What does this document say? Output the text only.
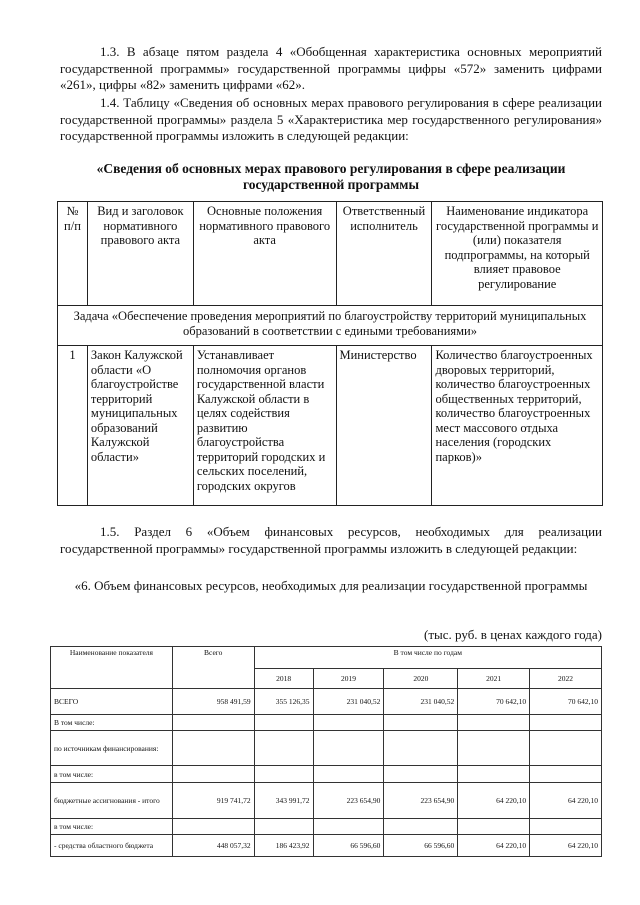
1.3. В абзаце пятом раздела 4 «Обобщенная характеристика основных мероприятий государственной программы» государственной программы цифры «572» заменить цифрами «261», цифры «82» заменить цифрами «62».

1.4. Таблицу «Сведения об основных мерах правового регулирования в сфере реализации государственной программы» раздела 5 «Характеристика мер государственного регулирования» государственной программы изложить в следующей редакции:

«Сведения об основных мерах правового регулирования в сфере реализации государственной программы

№ п/п	Вид и заголовок нормативного правового акта	Основные положения нормативного правового акта	Ответственный исполнитель	Наименование индикатора государственной программы и (или) показателя подпрограммы, на который влияет правовое регулирование
Задача «Обеспечение проведения мероприятий по благоустройству территорий муниципальных образований в соответствии с едиными требованиями»				
1	Закон Калужской области «О благоустройстве территорий муниципальных образований Калужской области»	Устанавливает полномочия органов государственной власти Калужской области в целях содействия развитию благоустройства территорий городских и сельских поселений, городских округов	Министерство	Количество благоустроенных дворовых территорий, количество благоустроенных общественных территорий, количество благоустроенных мест массового отдыха населения (городских парков)»

1.5. Раздел 6 «Объем финансовых ресурсов, необходимых для реализации государственной программы» государственной программы изложить в следующей редакции:

«6. Объем финансовых ресурсов, необходимых для реализации государственной программы

(тыс. руб. в ценах каждого года)
Наименование показателя	Всего	В том числе по годам				
		2018	2019	2020	2021	2022
ВСЕГО	958 491,59	355 126,35	231 040,52	231 040,52	70 642,10	70 642,10
В том числе:						
по источникам финансирования:						
в том числе:						
бюджетные ассигнования - итого	919 741,72	343 991,72	223 654,90	223 654,90	64 220,10	64 220,10
в том числе:						
- средства областного бюджета	448 057,32	186 423,92	66 596,60	66 596,60	64 220,10	64 220,10
